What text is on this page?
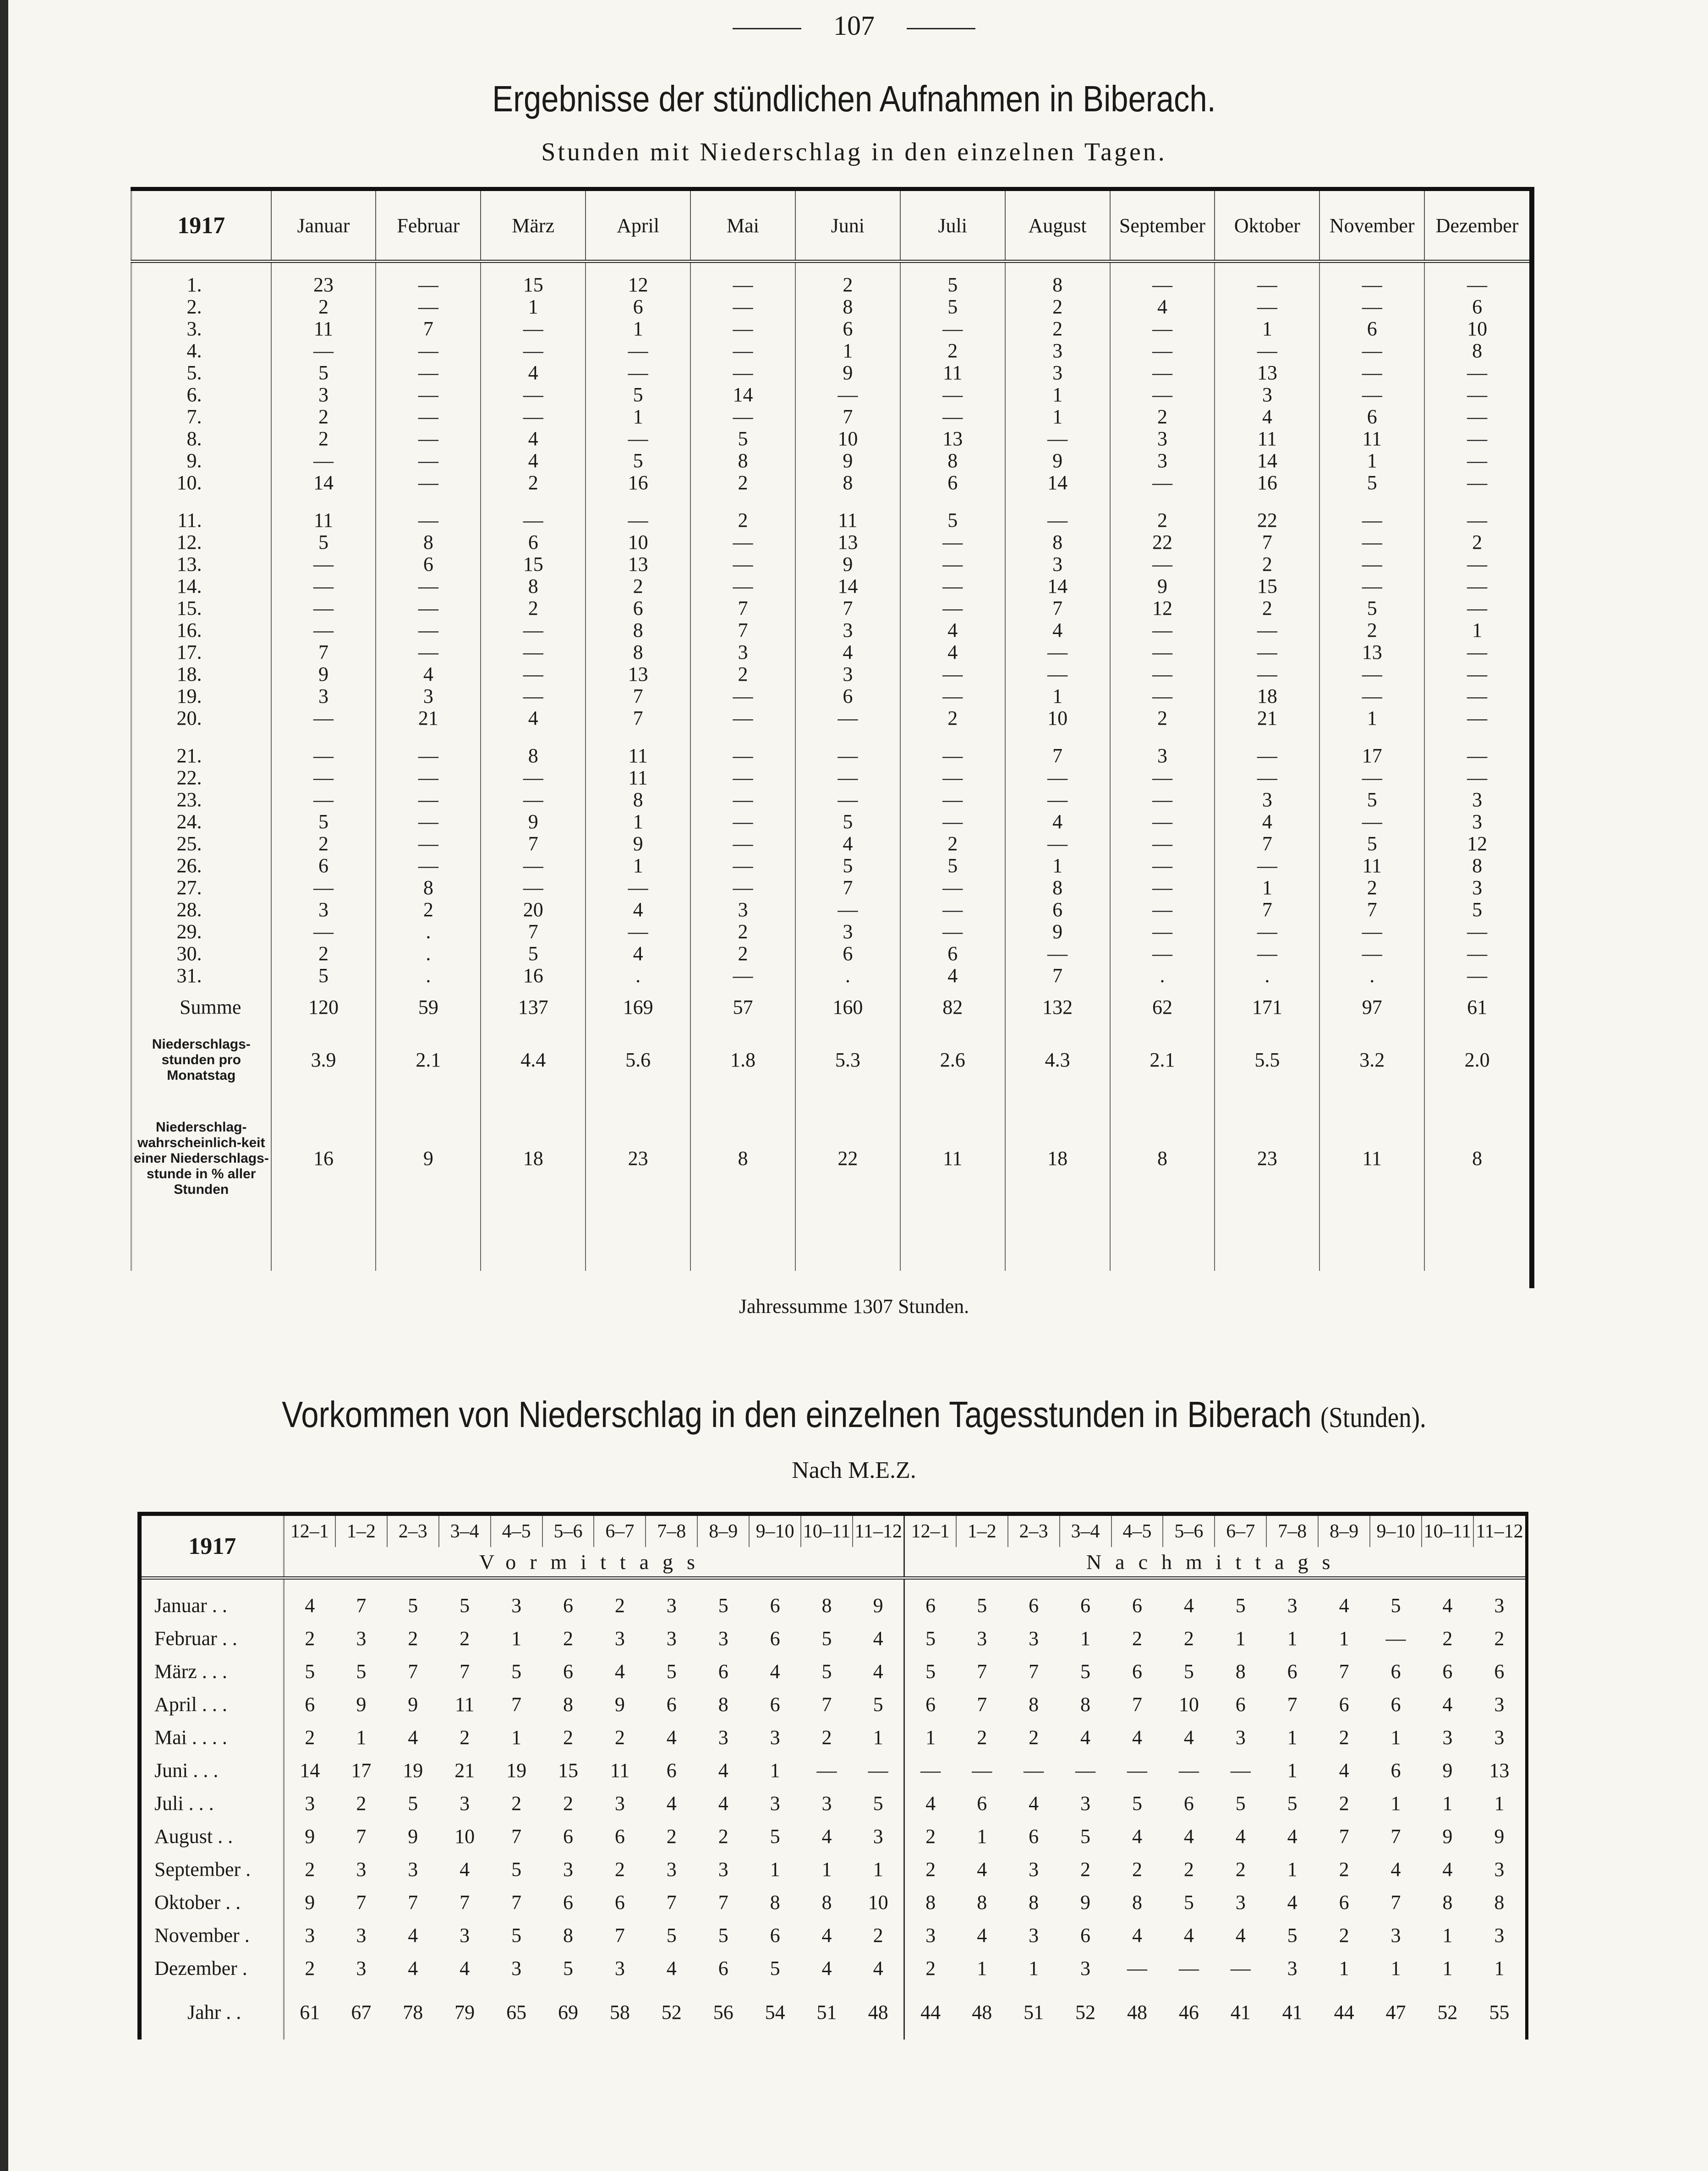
107
Ergebnisse der stündlichen Aufnahmen in Biberach.
Stunden mit Niederschlag in den einzelnen Tagen.
1917	Januar	Februar	März	April	Mai	Juni	Juli	August	September	Oktober	November	Dezember
1.	23	—	15	12	—	2	5	8	—	—	—	—
2.	2	—	1	6	—	8	5	2	4	—	—	6
3.	11	7	—	1	—	6	—	2	—	1	6	10
4.	—	—	—	—	—	1	2	3	—	—	—	8
5.	5	—	4	—	—	9	11	3	—	13	—	—
6.	3	—	—	5	14	—	—	1	—	3	—	—
7.	2	—	—	1	—	7	—	1	2	4	6	—
8.	2	—	4	—	5	10	13	—	3	11	11	—
9.	—	—	4	5	8	9	8	9	3	14	1	—
10.	14	—	2	16	2	8	6	14	—	16	5	—

11.	11	—	—	—	2	11	5	—	2	22	—	—
12.	5	8	6	10	—	13	—	8	22	7	—	2
13.	—	6	15	13	—	9	—	3	—	2	—	—
14.	—	—	8	2	—	14	—	14	9	15	—	—
15.	—	—	2	6	7	7	—	7	12	2	5	—
16.	—	—	—	8	7	3	4	4	—	—	2	1
17.	7	—	—	8	3	4	4	—	—	—	13	—
18.	9	4	—	13	2	3	—	—	—	—	—	—
19.	3	3	—	7	—	6	—	1	—	18	—	—
20.	—	21	4	7	—	—	2	10	2	21	1	—

21.	—	—	8	11	—	—	—	7	3	—	17	—
22.	—	—	—	11	—	—	—	—	—	—	—	—
23.	—	—	—	8	—	—	—	—	—	3	5	3
24.	5	—	9	1	—	5	—	4	—	4	—	3
25.	2	—	7	9	—	4	2	—	—	7	5	12
26.	6	—	—	1	—	5	5	1	—	—	11	8
27.	—	8	—	—	—	7	—	8	—	1	2	3
28.	3	2	20	4	3	—	—	6	—	7	7	5
29.	—	.	7	—	2	3	—	9	—	—	—	—
30.	2	.	5	4	2	6	6	—	—	—	—	—
31.	5	.	16	.	—	.	4	7	.	.	.	—
Summe	120	59	137	169	57	160	82	132	62	171	97	61
Niederschlags-stunden pro Monatstag	3.9	2.1	4.4	5.6	1.8	5.3	2.6	4.3	2.1	5.5	3.2	2.0
Niederschlag-wahrscheinlich-keit einer Niederschlags-stunde in % aller Stunden	16	9	18	23	8	22	11	18	8	23	11	8

Jahressumme 1307 Stunden.
Vorkommen von Niederschlag in den einzelnen Tagesstunden in Biberach (Stunden).
Nach M.E.Z.
1917	12–1	1–2	2–3	3–4	4–5	5–6	6–7	7–8	8–9	9–10	10–11	11–12	12–1	1–2	2–3	3–4	4–5	5–6	6–7	7–8	8–9	9–10	10–11	11–12
	Vormittags												Nachmittags											
Januar . .	4	7	5	5	3	6	2	3	5	6	8	9	6	5	6	6	6	4	5	3	4	5	4	3
Februar . .	2	3	2	2	1	2	3	3	3	6	5	4	5	3	3	1	2	2	1	1	1	—	2	2
März . . .	5	5	7	7	5	6	4	5	6	4	5	4	5	7	7	5	6	5	8	6	7	6	6	6
April . . .	6	9	9	11	7	8	9	6	8	6	7	5	6	7	8	8	7	10	6	7	6	6	4	3
Mai . . . .	2	1	4	2	1	2	2	4	3	3	2	1	1	2	2	4	4	4	3	1	2	1	3	3
Juni . . .	14	17	19	21	19	15	11	6	4	1	—	—	—	—	—	—	—	—	—	1	4	6	9	13
Juli . . .	3	2	5	3	2	2	3	4	4	3	3	5	4	6	4	3	5	6	5	5	2	1	1	1
August . .	9	7	9	10	7	6	6	2	2	5	4	3	2	1	6	5	4	4	4	4	7	7	9	9
September .	2	3	3	4	5	3	2	3	3	1	1	1	2	4	3	2	2	2	2	1	2	4	4	3
Oktober . .	9	7	7	7	7	6	6	7	7	8	8	10	8	8	8	9	8	5	3	4	6	7	8	8
November .	3	3	4	3	5	8	7	5	5	6	4	2	3	4	3	6	4	4	4	5	2	3	1	3
Dezember .	2	3	4	4	3	5	3	4	6	5	4	4	2	1	1	3	—	—	—	3	1	1	1	1
Jahr . .	61	67	78	79	65	69	58	52	56	54	51	48	44	48	51	52	48	46	41	41	44	47	52	55
